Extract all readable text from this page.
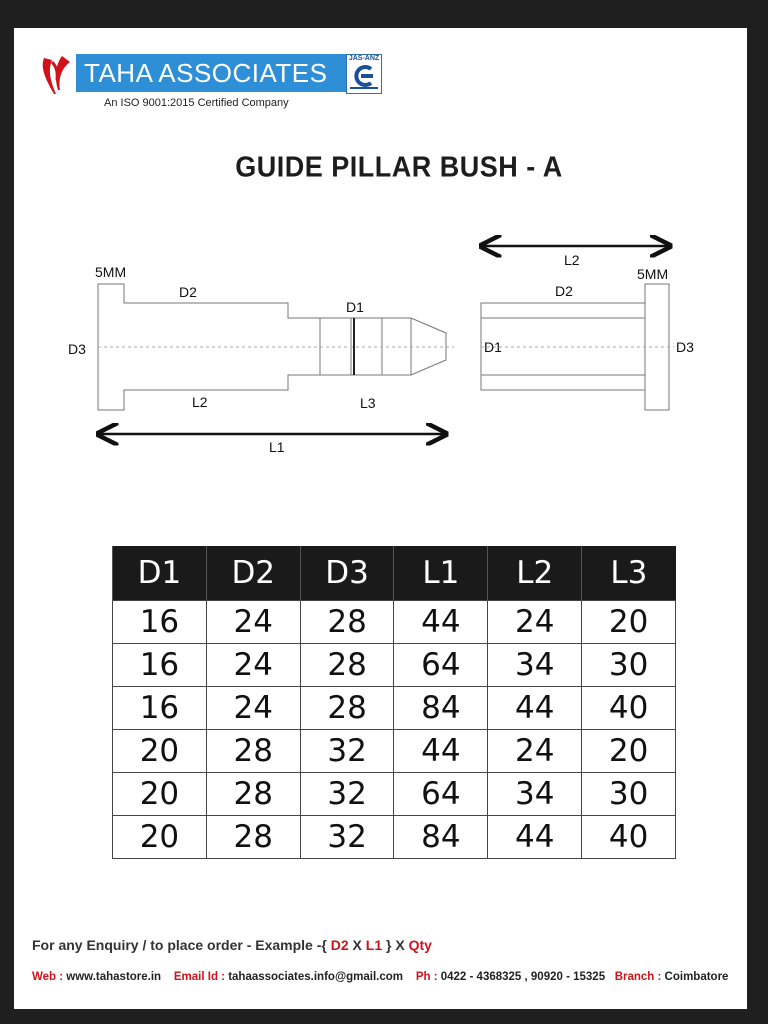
TAHA ASSOCIATES	JAS-ANZ
An ISO 9001:2015 Certified Company
GUIDE PILLAR BUSH - A
5MM
D2
D1
D3
L2	L3
L1
L2
5MM
D2
D1	D3
D1	D2	D3	L1	L2	L3
16	24	28	44	24	20
16	24	28	64	34	30
16	24	28	84	44	40
20	28	32	44	24	20
20	28	32	64	34	30
20	28	32	84	44	40
For any Enquiry / to place order - Example -{ D2 X L1 } X Qty
Web : www.tahastore.in Email Id : tahaassociates.info@gmail.com Ph : 0422 - 4368325 , 90920 - 15325 Branch : Coimbatore
